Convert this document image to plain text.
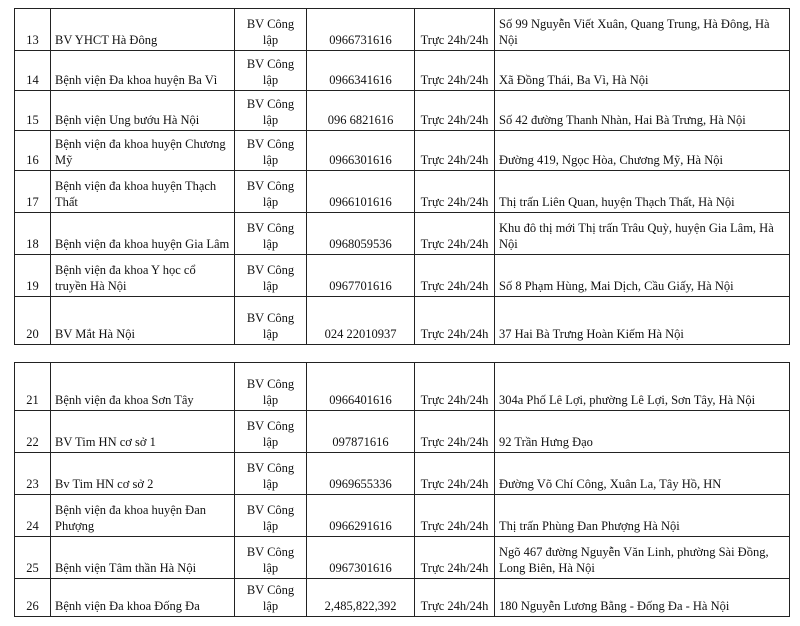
13	BV YHCT Hà Đông	BV Công lập	0966731616	Trực 24h/24h	Số 99 Nguyễn Viết Xuân, Quang Trung, Hà Đông, Hà Nội
14	Bệnh viện Đa khoa huyện Ba Vì	BV Công lập	0966341616	Trực 24h/24h	Xã Đồng Thái, Ba Vì, Hà Nội
15	Bệnh viện Ung bướu Hà Nội	BV Công lập	096 6821616	Trực 24h/24h	Số 42 đường Thanh Nhàn, Hai Bà Trưng, Hà Nội
16	Bệnh viện đa khoa huyện Chương Mỹ	BV Công lập	0966301616	Trực 24h/24h	Đường 419, Ngọc Hòa, Chương Mỹ, Hà Nội
17	Bệnh viện đa khoa huyện Thạch Thất	BV Công lập	0966101616	Trực 24h/24h	Thị trấn Liên Quan, huyện Thạch Thất, Hà Nội
18	Bệnh viện đa khoa huyện Gia Lâm	BV Công lập	0968059536	Trực 24h/24h	Khu đô thị mới Thị trấn Trâu Quỳ, huyện Gia Lâm, Hà Nội
19	Bệnh viện đa khoa Y học cổ truyền Hà Nội	BV Công lập	0967701616	Trực 24h/24h	Số 8 Phạm Hùng, Mai Dịch, Cầu Giấy, Hà Nội
20	BV Mắt Hà Nội	BV Công lập	024 22010937	Trực 24h/24h	37 Hai Bà Trưng Hoàn Kiếm Hà Nội
21	Bệnh viện đa khoa Sơn Tây	BV Công lập	0966401616	Trực 24h/24h	304a Phố Lê Lợi, phường Lê Lợi, Sơn Tây, Hà Nội
22	BV Tim HN cơ sở 1	BV Công lập	097871616	Trực 24h/24h	92 Trần Hưng Đạo
23	Bv Tim HN cơ sở 2	BV Công lập	0969655336	Trực 24h/24h	Đường Võ Chí Công, Xuân La, Tây Hồ, HN
24	Bệnh viện đa khoa huyện Đan Phượng	BV Công lập	0966291616	Trực 24h/24h	Thị trấn Phùng Đan Phượng Hà Nội
25	Bệnh viện Tâm thần Hà Nội	BV Công lập	0967301616	Trực 24h/24h	Ngõ 467 đường Nguyễn Văn Linh, phường Sài Đồng, Long Biên, Hà Nội
26	Bệnh viện Đa khoa Đống Đa	BV Công lập	2,485,822,392	Trực 24h/24h	180 Nguyễn Lương Bằng - Đống Đa - Hà Nội
